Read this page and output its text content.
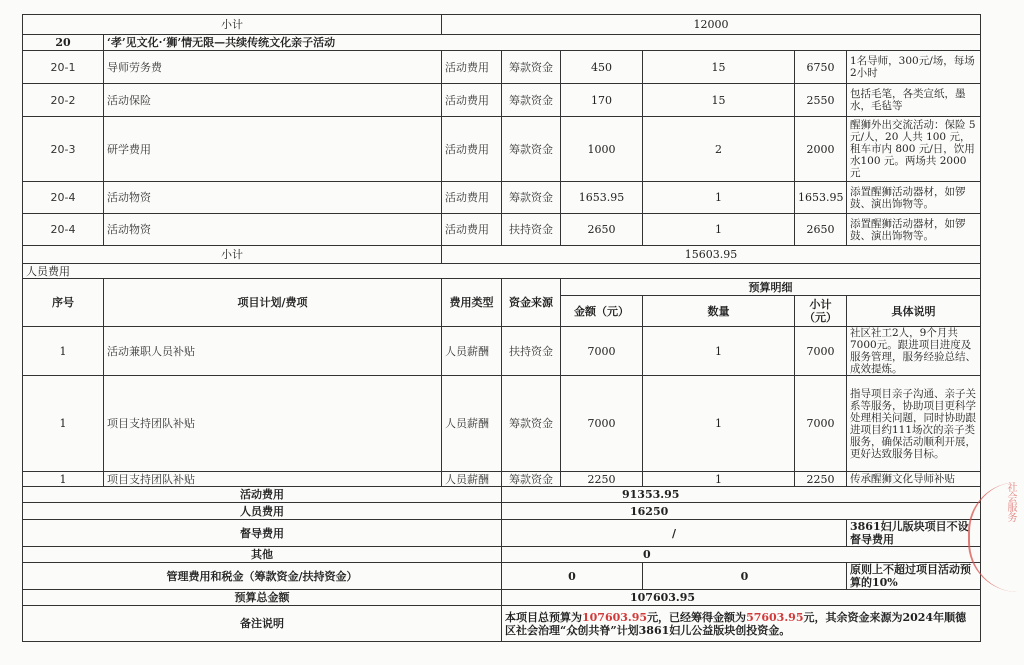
小计		12000					
20	‘孝’见文化·‘狮’情无限—共续传统文化亲子活动						
20-1	导师劳务费	活动费用	筹款资金	450	15	6750	1名导师，300元/场，每场2小时
20-2	活动保险	活动费用	筹款资金	170	15	2550	包括毛笔，各类宣纸，墨水，毛毡等
20-3	研学费用	活动费用	筹款资金	1000	2	2000	醒狮外出交流活动：保险 5元/人，20 人共 100 元，租车市内 800 元/日，饮用水100 元。两场共 2000 元
20-4	活动物资	活动费用	筹款资金	1653.95	1	1653.95	添置醒狮活动器材，如锣鼓、演出饰物等。
20-4	活动物资	活动费用	扶持资金	2650	1	2650	添置醒狮活动器材，如锣鼓、演出饰物等。
小计		15603.95					
人员费用							
序号	项目计划/费项	费用类型	资金来源	预算明细			
				金额（元）	数量	小计（元）	具体说明
1	活动兼职人员补贴	人员薪酬	扶持资金	7000	1	7000	社区社工2人，9个月共7000元。跟进项目进度及服务管理，服务经验总结、成效提炼。
1	项目支持团队补贴	人员薪酬	筹款资金	7000	1	7000	指导项目亲子沟通、亲子关系等服务，协助项目更科学处理相关问题，同时协助跟进项目约111场次的亲子类服务，确保活动顺利开展，更好达致服务目标。
1	项目支持团队补贴	人员薪酬	筹款资金	2250	1	2250	传承醒狮文化导师补贴
活动费用			91353.95				
人员费用			16250				
督导费用			/				3861妇儿版块项目不设督导费用
其他			0				
管理费用和税金（筹款资金/扶持资金）			0		0		原则上不超过项目活动预算的10%
预算总金额			107603.95				
备注说明			本项目总预算为107603.95元，已经筹得金额为57603.95元，其余资金来源为2024年顺德区社会治理“众创共脊”计划3861妇儿公益版块创投资金。				
社会服务
